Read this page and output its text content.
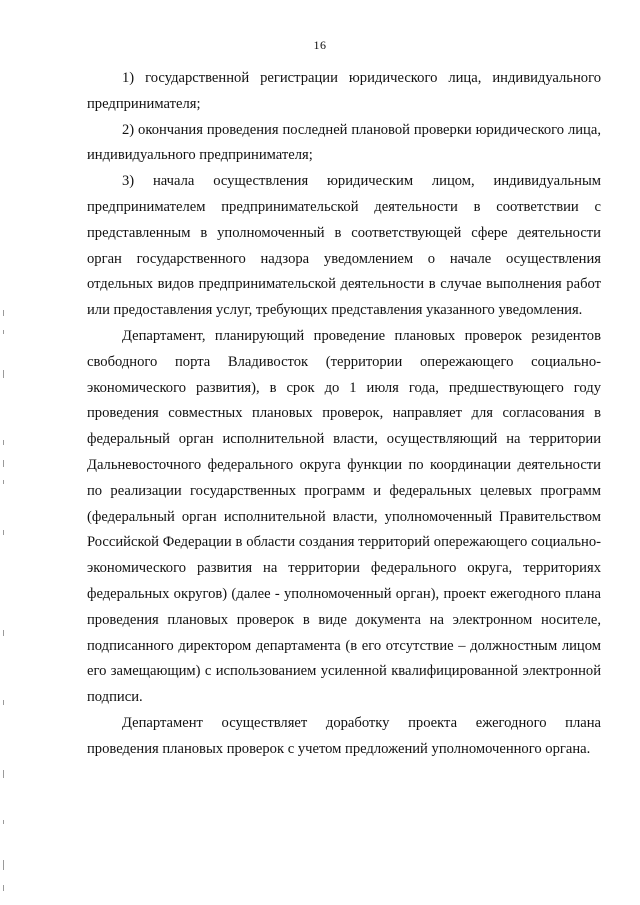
16

1) государственной регистрации юридического лица, индивидуального предпринимателя;

2) окончания проведения последней плановой проверки юридического лица, индивидуального предпринимателя;

3) начала осуществления юридическим лицом, индивидуальным предпринимателем предпринимательской деятельности в соответствии с представленным в уполномоченный в соответствующей сфере деятельности орган государственного надзора уведомлением о начале осуществления отдельных видов предпринимательской деятельности в случае выполнения работ или предоставления услуг, требующих представления указанного уведомления.

Департамент, планирующий проведение плановых проверок резидентов свободного порта Владивосток (территории опережающего социально-экономического развития), в срок до 1 июля года, предшествующего году проведения совместных плановых проверок, направляет для согласования в федеральный орган исполнительной власти, осуществляющий на территории Дальневосточного федерального округа функции по координации деятельности по реализации государственных программ и федеральных целевых программ (федеральный орган исполнительной власти, уполномоченный Правительством Российской Федерации в области создания территорий опережающего социально-экономического развития на территории федерального округа, территориях федеральных округов) (далее - уполномоченный орган), проект ежегодного плана проведения плановых проверок в виде документа на электронном носителе, подписанного директором департамента (в его отсутствие – должностным лицом его замещающим) с использованием усиленной квалифицированной электронной подписи.

Департамент осуществляет доработку проекта ежегодного плана проведения плановых проверок с учетом предложений уполномоченного органа.
